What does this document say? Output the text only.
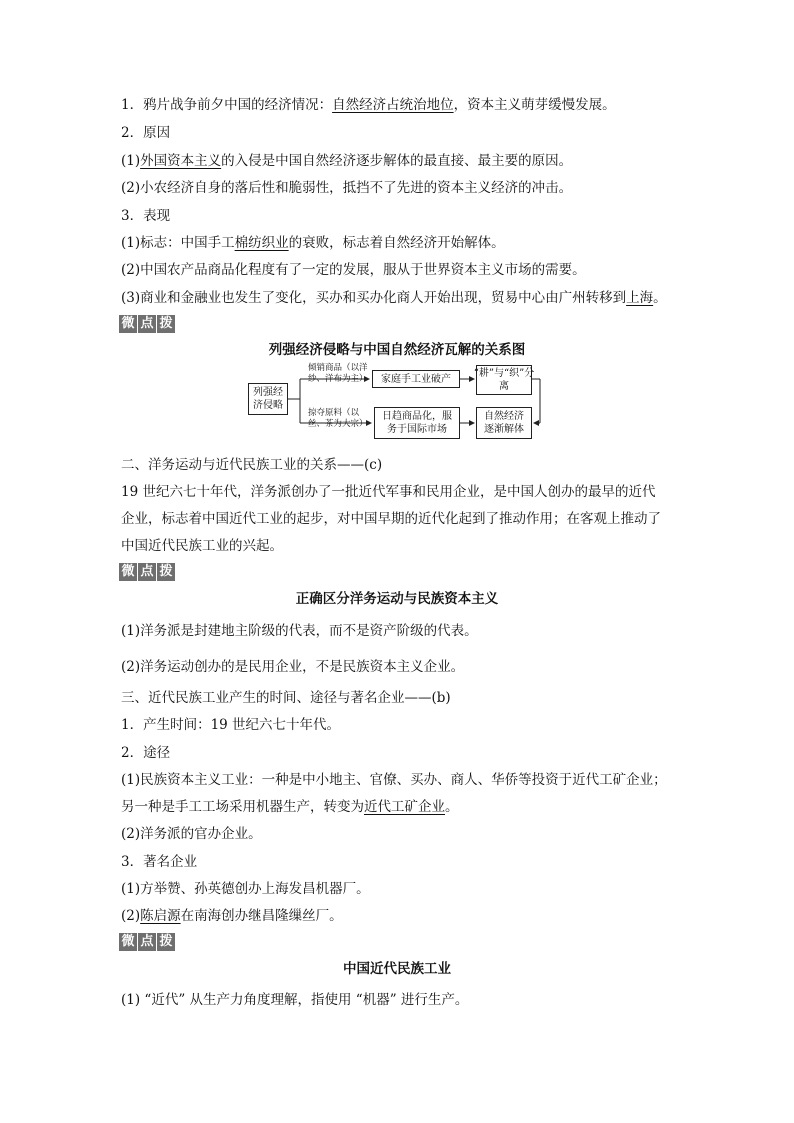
1．鸦片战争前夕中国的经济情况：自然经济占统治地位，资本主义萌芽缓慢发展。
2．原因
(1)外国资本主义的入侵是中国自然经济逐步解体的最直接、最主要的原因。
(2)小农经济自身的落后性和脆弱性，抵挡不了先进的资本主义经济的冲击。
3．表现
(1)标志：中国手工棉纺织业的衰败，标志着自然经济开始解体。
(2)中国农产品商品化程度有了一定的发展，服从于世界资本主义市场的需要。
(3)商业和金融业也发生了变化，买办和买办化商人开始出现，贸易中心由广州转移到上海。
微 点 拨
列强经济侵略与中国自然经济瓦解的关系图
列强经济侵略
倾销商品（以洋纱、洋布为主）
掠夺原料（以丝、茶为大宗）
家庭手工业破产
日趋商品化，服务于国际市场
“耕”与“织”分离
自然经济逐渐解体
二、洋务运动与近代民族工业的关系——(c)
19 世纪六七十年代，洋务派创办了一批近代军事和民用企业，是中国人创办的最早的近代
企业，标志着中国近代工业的起步，对中国早期的近代化起到了推动作用；在客观上推动了
中国近代民族工业的兴起。
微 点 拨
正确区分洋务运动与民族资本主义
(1)洋务派是封建地主阶级的代表，而不是资产阶级的代表。
(2)洋务运动创办的是民用企业，不是民族资本主义企业。
三、近代民族工业产生的时间、途径与著名企业——(b)
1．产生时间：19 世纪六七十年代。
2．途径
(1)民族资本主义工业：一种是中小地主、官僚、买办、商人、华侨等投资于近代工矿企业；
另一种是手工工场采用机器生产，转变为近代工矿企业。
(2)洋务派的官办企业。
3．著名企业
(1)方举赞、孙英德创办上海发昌机器厂。
(2)陈启源在南海创办继昌隆缫丝厂。
微 点 拨
中国近代民族工业
(1) “近代” 从生产力角度理解，指使用 “机器” 进行生产。
